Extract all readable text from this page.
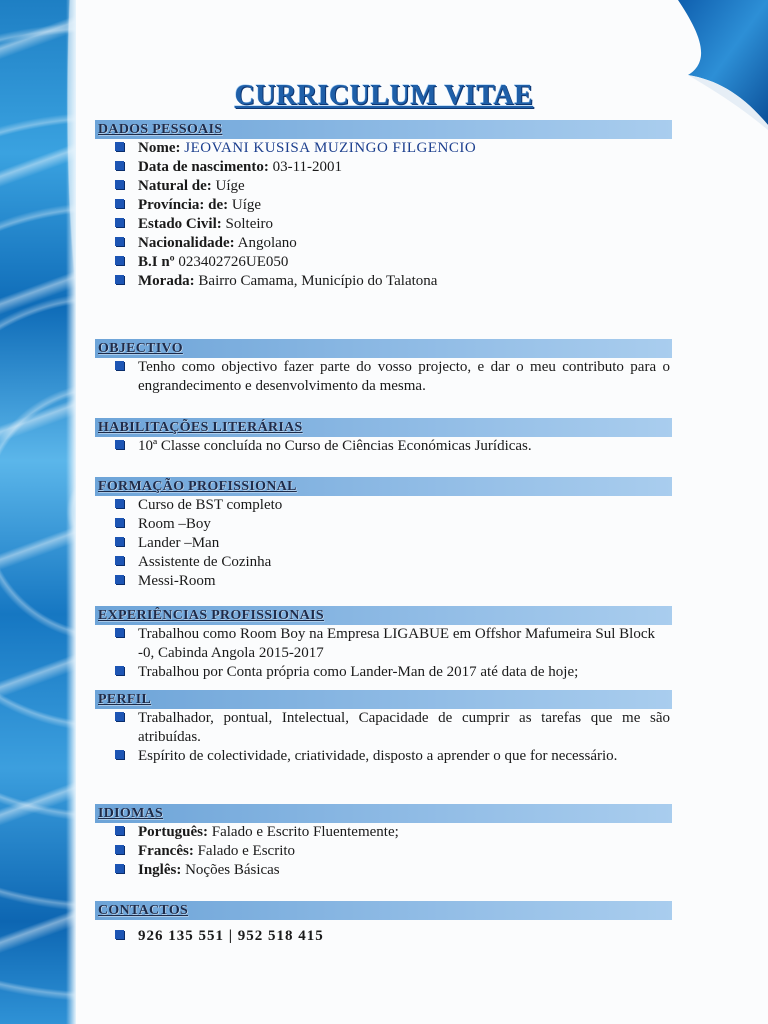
CURRICULUM VITAE
DADOS PESSOAIS
Nome: JEOVANI KUSISA MUZINGO FILGENCIO
Data de nascimento: 03-11-2001
Natural de: Uíge
Província: de: Uíge
Estado Civil: Solteiro
Nacionalidade: Angolano
B.I nº 023402726UE050
Morada: Bairro Camama, Município do Talatona
OBJECTIVO
Tenho como objectivo fazer parte do vosso projecto, e dar o meu contributo para o engrandecimento e desenvolvimento da mesma.
HABILITAÇÕES LITERÁRIAS
10ª Classe concluída no Curso de Ciências Económicas Jurídicas.
FORMAÇÃO PROFISSIONAL
Curso de BST completo
Room –Boy
Lander –Man
Assistente de Cozinha
Messi-Room
EXPERIÊNCIAS PROFISSIONAIS
Trabalhou como Room Boy na Empresa LIGABUE em Offshor Mafumeira Sul Block -0, Cabinda Angola 2015-2017
Trabalhou por Conta própria como Lander-Man de 2017 até data de hoje;
PERFIL
Trabalhador, pontual, Intelectual, Capacidade de cumprir as tarefas que me são atribuídas.
Espírito de colectividade, criatividade, disposto a aprender o que for necessário.
IDIOMAS
Português: Falado e Escrito Fluentemente;
Francês: Falado e Escrito
Inglês: Noções Básicas
CONTACTOS
926 135 551 | 952 518 415
